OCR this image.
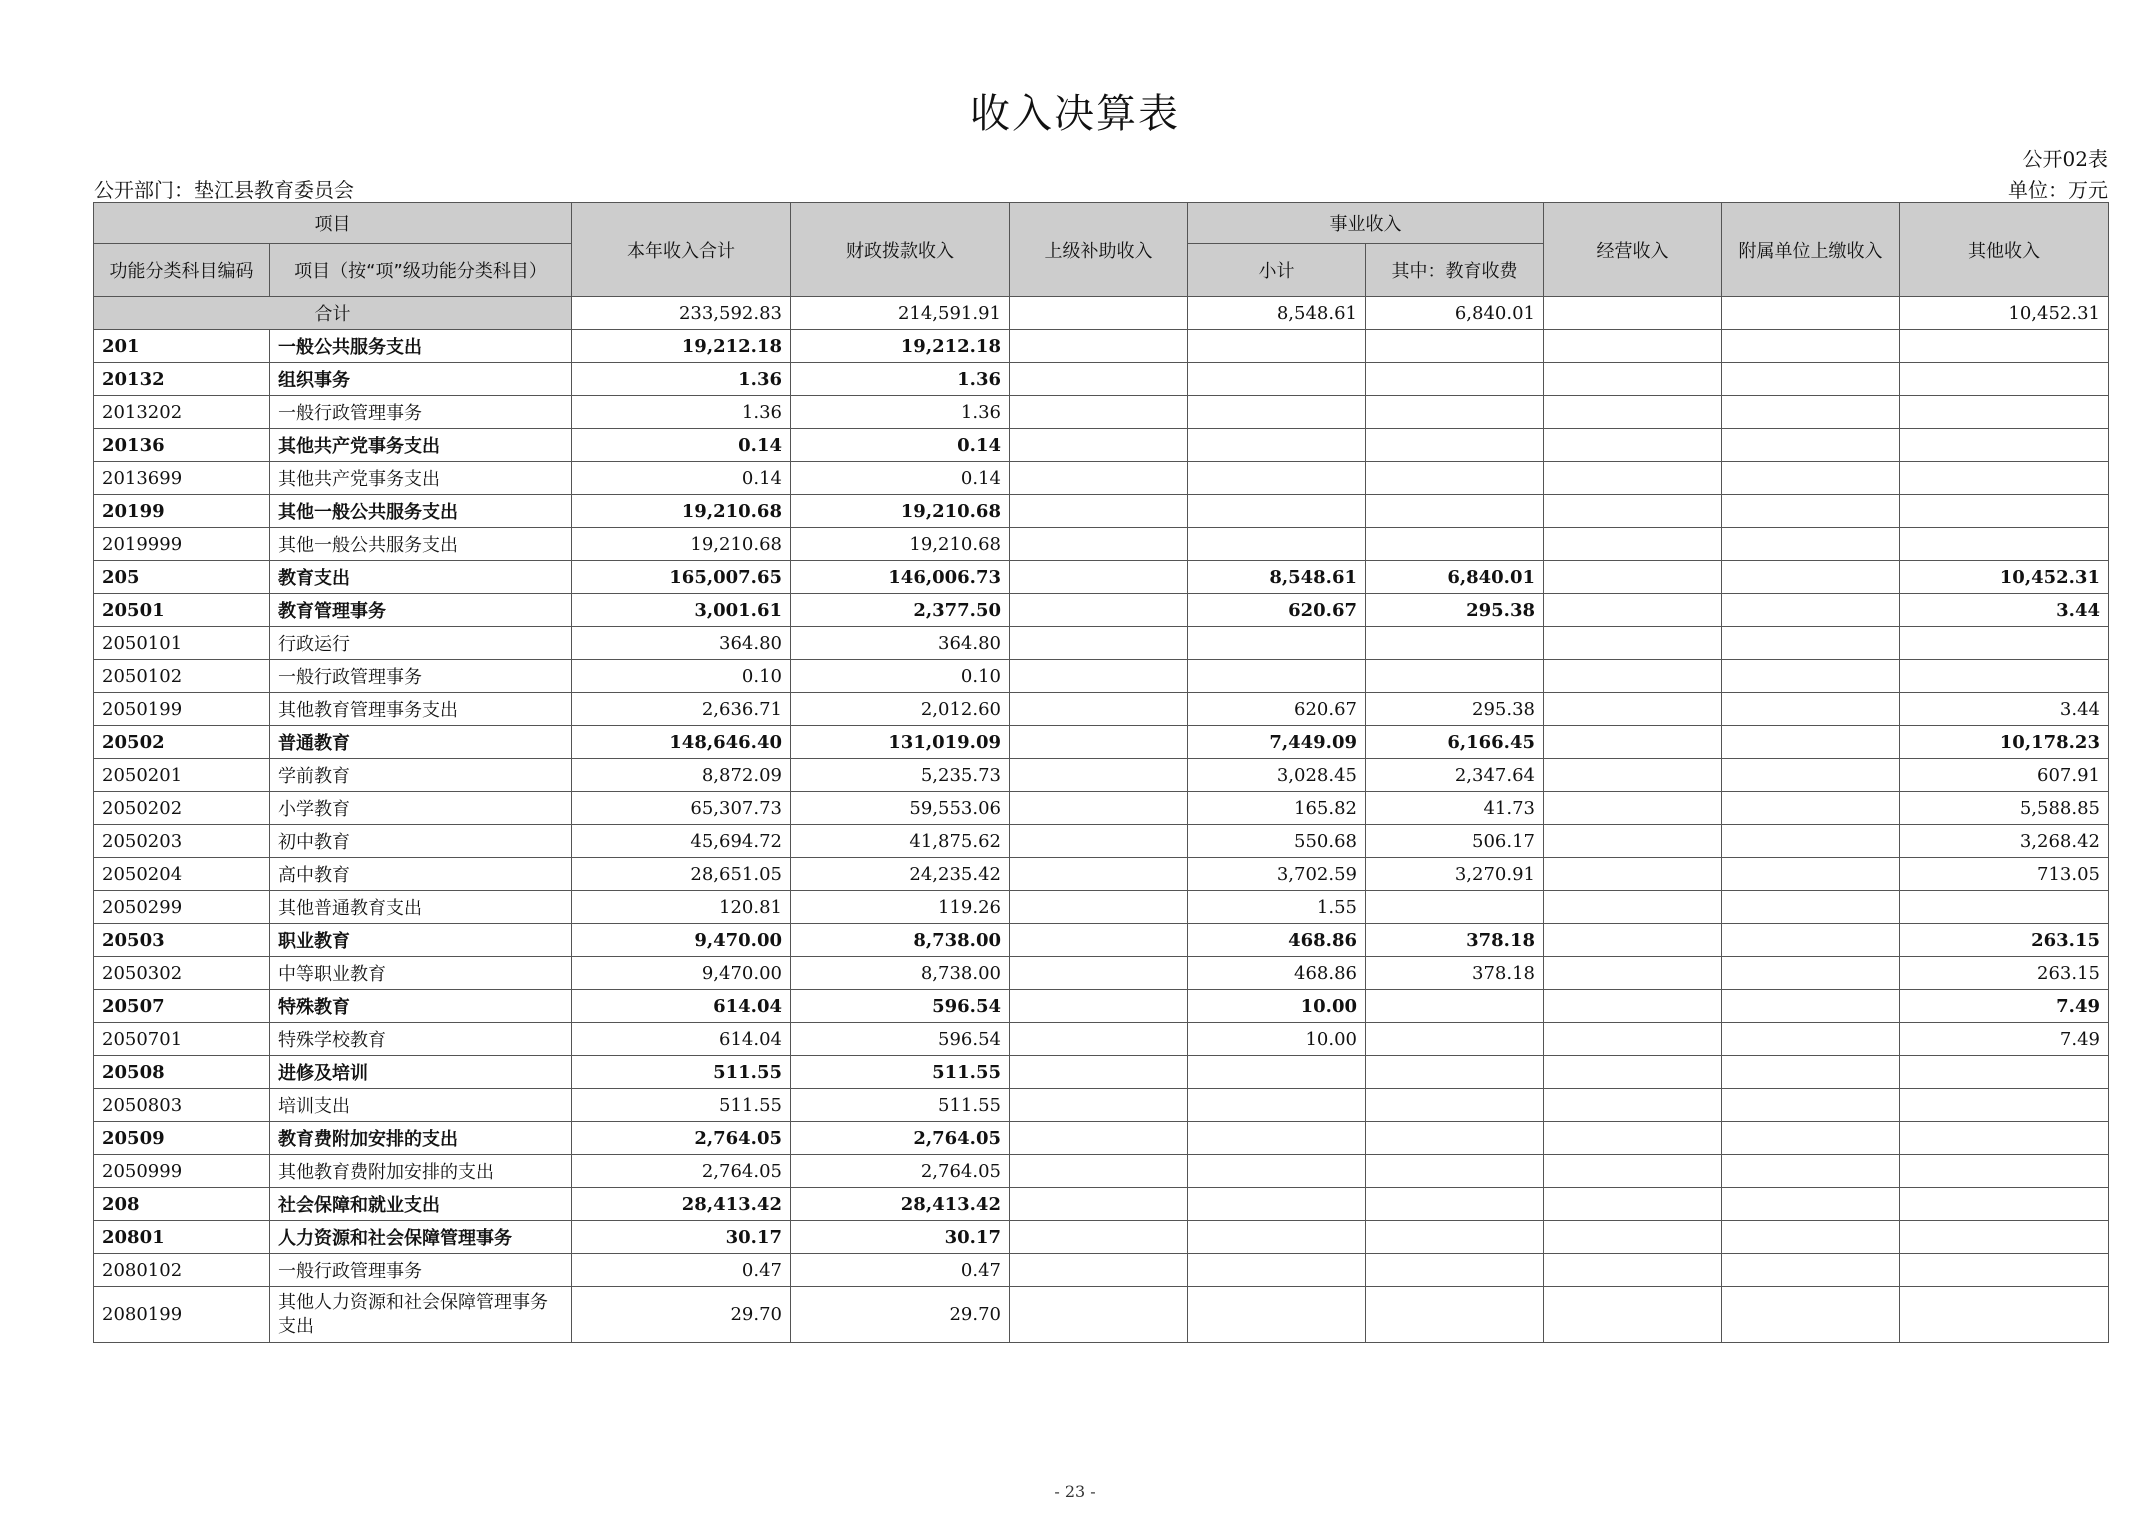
收入决算表
公开02表
公开部门：垫江县教育委员会	单位：万元
项目		本年收入合计	财政拨款收入	上级补助收入	事业收入		经营收入	附属单位上缴收入	其他收入
功能分类科目编码	项目（按“项”级功能分类科目）				小计	其中：教育收费			

合计		233,592.83	214,591.91		8,548.61	6,840.01			10,452.31
201	一般公共服务支出	19,212.18	19,212.18						
20132	组织事务	1.36	1.36						
2013202	一般行政管理事务	1.36	1.36						
20136	其他共产党事务支出	0.14	0.14						
2013699	其他共产党事务支出	0.14	0.14						
20199	其他一般公共服务支出	19,210.68	19,210.68						
2019999	其他一般公共服务支出	19,210.68	19,210.68						
205	教育支出	165,007.65	146,006.73		8,548.61	6,840.01			10,452.31
20501	教育管理事务	3,001.61	2,377.50		620.67	295.38			3.44
2050101	行政运行	364.80	364.80						
2050102	一般行政管理事务	0.10	0.10						
2050199	其他教育管理事务支出	2,636.71	2,012.60		620.67	295.38			3.44
20502	普通教育	148,646.40	131,019.09		7,449.09	6,166.45			10,178.23
2050201	学前教育	8,872.09	5,235.73		3,028.45	2,347.64			607.91
2050202	小学教育	65,307.73	59,553.06		165.82	41.73			5,588.85
2050203	初中教育	45,694.72	41,875.62		550.68	506.17			3,268.42
2050204	高中教育	28,651.05	24,235.42		3,702.59	3,270.91			713.05
2050299	其他普通教育支出	120.81	119.26		1.55				
20503	职业教育	9,470.00	8,738.00		468.86	378.18			263.15
2050302	中等职业教育	9,470.00	8,738.00		468.86	378.18			263.15
20507	特殊教育	614.04	596.54		10.00				7.49
2050701	特殊学校教育	614.04	596.54		10.00				7.49
20508	进修及培训	511.55	511.55						
2050803	培训支出	511.55	511.55						
20509	教育费附加安排的支出	2,764.05	2,764.05						
2050999	其他教育费附加安排的支出	2,764.05	2,764.05						
208	社会保障和就业支出	28,413.42	28,413.42						
20801	人力资源和社会保障管理事务	30.17	30.17						
2080102	一般行政管理事务	0.47	0.47						
2080199	其他人力资源和社会保障管理事务支出	29.70	29.70						
- 23 -
